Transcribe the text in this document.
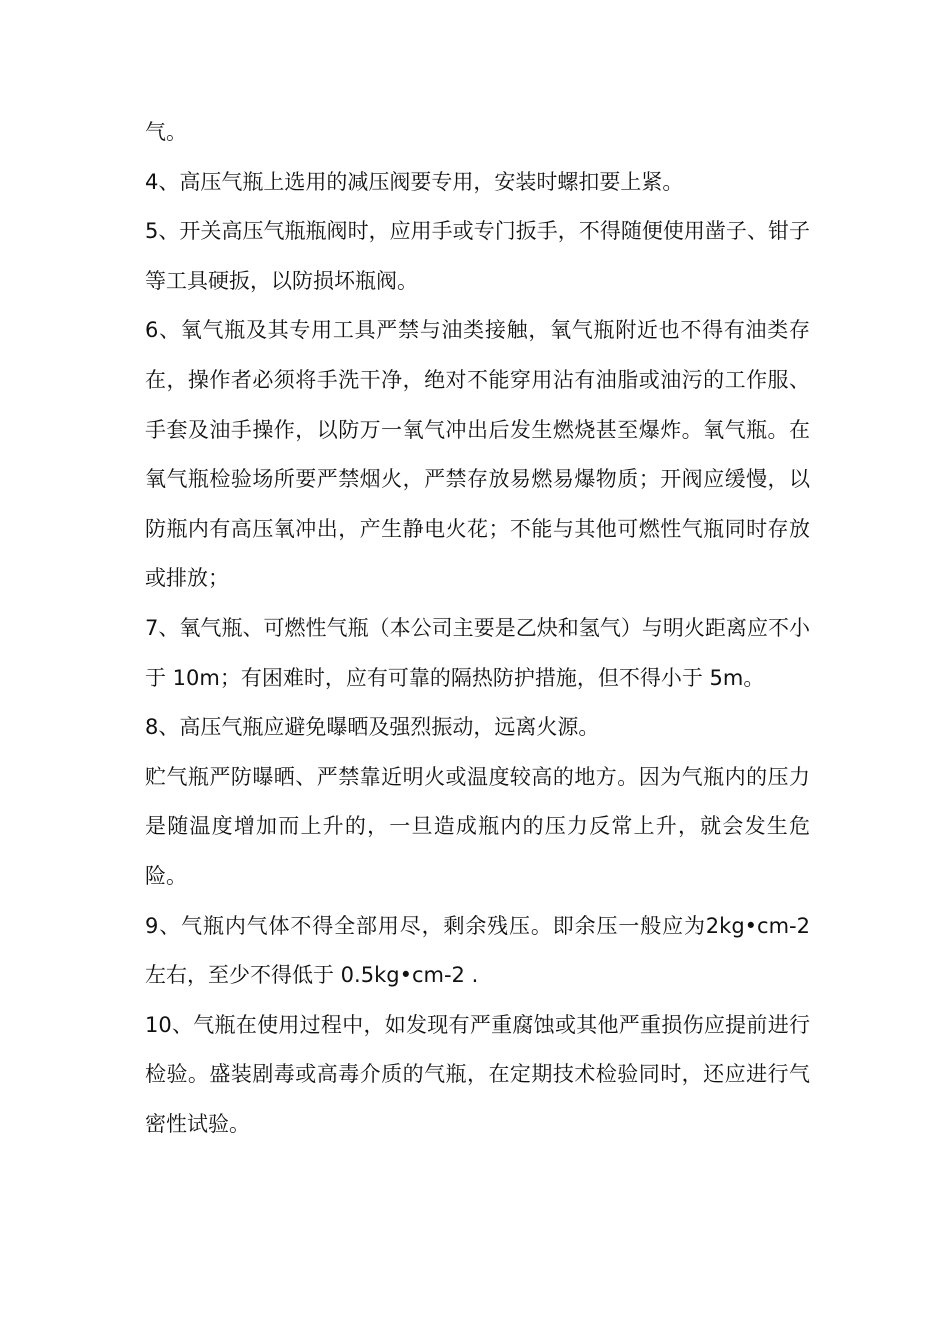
气。

4、高压气瓶上选用的减压阀要专用，安装时螺扣要上紧。

5、开关高压气瓶瓶阀时，应用手或专门扳手，不得随便使用凿子、钳子等工具硬扳，以防损坏瓶阀。

6、氧气瓶及其专用工具严禁与油类接触，氧气瓶附近也不得有油类存在，操作者必须将手洗干净，绝对不能穿用沾有油脂或油污的工作服、手套及油手操作，以防万一氧气冲出后发生燃烧甚至爆炸。氧气瓶。在氧气瓶检验场所要严禁烟火，严禁存放易燃易爆物质；开阀应缓慢，以防瓶内有高压氧冲出，产生静电火花；不能与其他可燃性气瓶同时存放或排放；

7、氧气瓶、可燃性气瓶（本公司主要是乙炔和氢气）与明火距离应不小于 10m；有困难时，应有可靠的隔热防护措施，但不得小于 5m。

8、高压气瓶应避免曝晒及强烈振动，远离火源。

贮气瓶严防曝晒、严禁靠近明火或温度较高的地方。因为气瓶内的压力是随温度增加而上升的，一旦造成瓶内的压力反常上升，就会发生危险。

9、气瓶内气体不得全部用尽，剩余残压。即余压一般应为2kg•cm-2 左右，至少不得低于 0.5kg•cm-2 .

10、气瓶在使用过程中，如发现有严重腐蚀或其他严重损伤应提前进行检验。盛装剧毒或高毒介质的气瓶，在定期技术检验同时，还应进行气密性试验。
